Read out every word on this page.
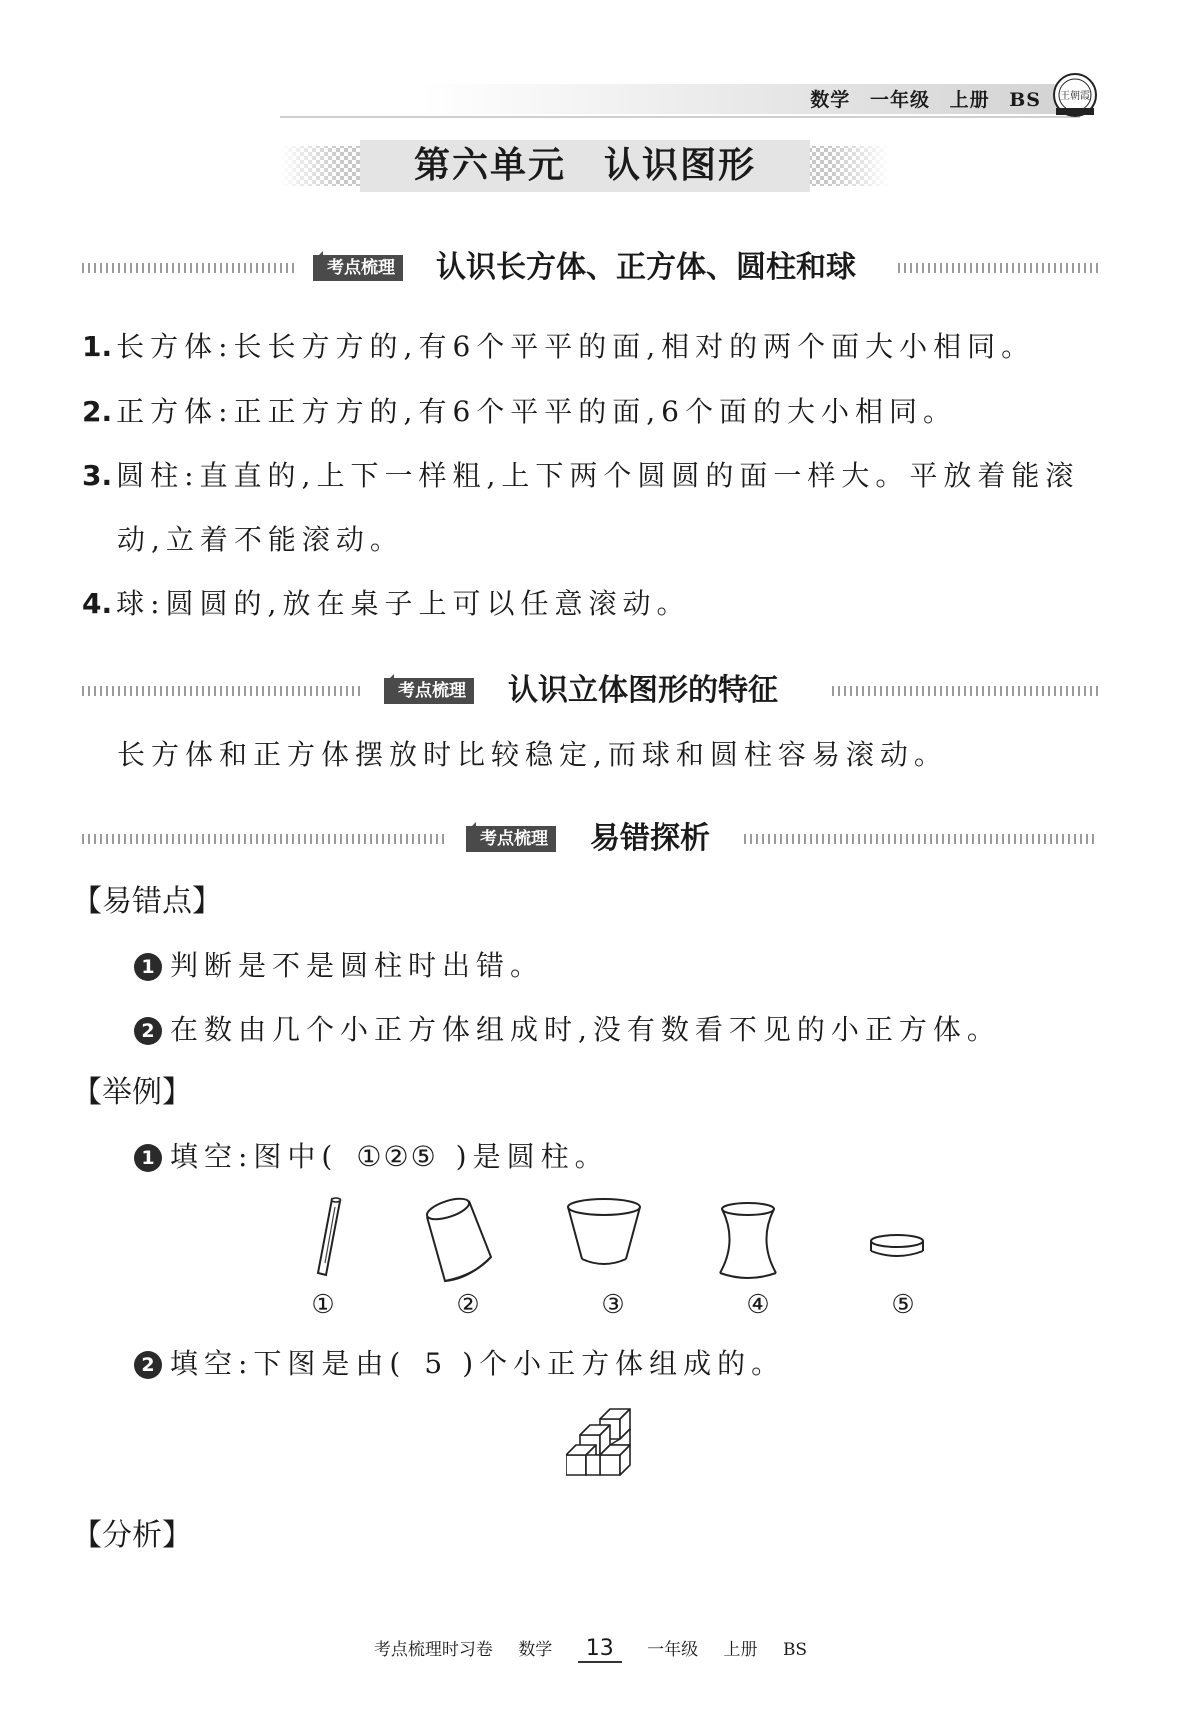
数学 一年级 上册 BS 王朝霞
第六单元　认识图形
考点梳理 认识长方体、正方体、圆柱和球
1. 长方体:长长方方的,有6个平平的面,相对的两个面大小相同。
2. 正方体:正正方方的,有6个平平的面,6个面的大小相同。
3. 圆柱:直直的,上下一样粗,上下两个圆圆的面一样大。平放着能滚
动,立着不能滚动。
4. 球:圆圆的,放在桌子上可以任意滚动。
考点梳理 认识立体图形的特征
长方体和正方体摆放时比较稳定,而球和圆柱容易滚动。
考点梳理 易错探析
【易错点】
1 判断是不是圆柱时出错。
2 在数由几个小正方体组成时,没有数看不见的小正方体。
【举例】
1 填空:图中( ①②⑤ )是圆柱。
①	②	③	④	⑤
2 填空:下图是由( 5 )个小正方体组成的。
【分析】
考点梳理时习卷 数学 13 一年级 上册 BS
